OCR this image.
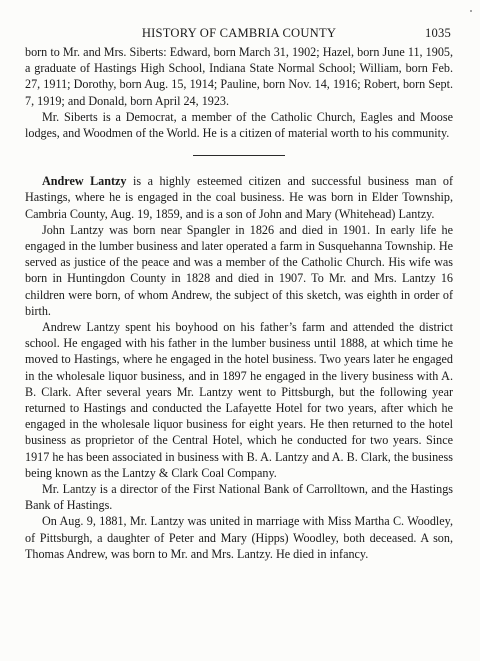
HISTORY OF CAMBRIA COUNTY	1035

born to Mr. and Mrs. Siberts: Edward, born March 31, 1902; Hazel, born June 11, 1905, a graduate of Hastings High School, Indiana State Normal School; William, born Feb. 27, 1911; Dorothy, born Aug. 15, 1914; Pauline, born Nov. 14, 1916; Robert, born Sept. 7, 1919; and Donald, born April 24, 1923.

Mr. Siberts is a Democrat, a member of the Catholic Church, Eagles and Moose lodges, and Woodmen of the World. He is a citizen of material worth to his community.

Andrew Lantzy is a highly esteemed citizen and successful business man of Hastings, where he is engaged in the coal business. He was born in Elder Township, Cambria County, Aug. 19, 1859, and is a son of John and Mary (Whitehead) Lantzy.

John Lantzy was born near Spangler in 1826 and died in 1901. In early life he engaged in the lumber business and later operated a farm in Susquehanna Township. He served as justice of the peace and was a member of the Catholic Church. His wife was born in Huntingdon County in 1828 and died in 1907. To Mr. and Mrs. Lantzy 16 children were born, of whom Andrew, the subject of this sketch, was eighth in order of birth.

Andrew Lantzy spent his boyhood on his father’s farm and attended the district school. He engaged with his father in the lumber business until 1888, at which time he moved to Hastings, where he engaged in the hotel business. Two years later he engaged in the wholesale liquor business, and in 1897 he engaged in the livery business with A. B. Clark. After several years Mr. Lantzy went to Pittsburgh, but the following year returned to Hastings and conducted the Lafayette Hotel for two years, after which he engaged in the wholesale liquor business for eight years. He then returned to the hotel business as proprietor of the Central Hotel, which he conducted for two years. Since 1917 he has been associated in business with B. A. Lantzy and A. B. Clark, the business being known as the Lantzy & Clark Coal Company.

Mr. Lantzy is a director of the First National Bank of Carrolltown, and the Hastings Bank of Hastings.

On Aug. 9, 1881, Mr. Lantzy was united in marriage with Miss Martha C. Woodley, of Pittsburgh, a daughter of Peter and Mary (Hipps) Woodley, both deceased. A son, Thomas Andrew, was born to Mr. and Mrs. Lantzy. He died in infancy.
